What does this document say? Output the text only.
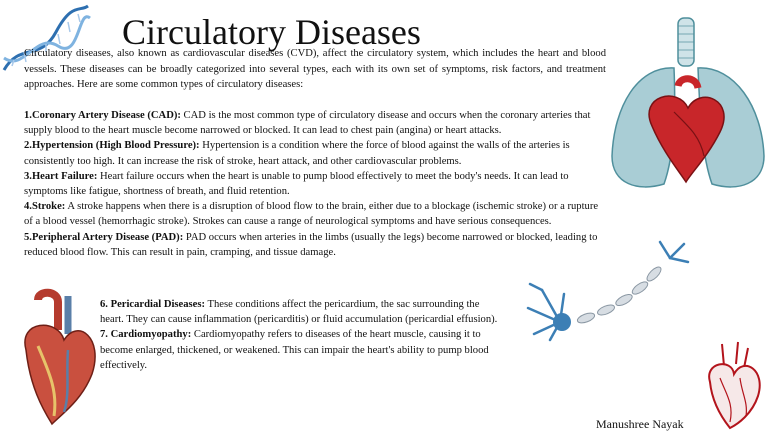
Circulatory Diseases

Circulatory diseases, also known as cardiovascular diseases (CVD), affect the circulatory system, which includes the heart and blood vessels. These diseases can be broadly categorized into several types, each with its own set of symptoms, risk factors, and treatment approaches. Here are some common types of circulatory diseases:

1.Coronary Artery Disease (CAD): CAD is the most common type of circulatory disease and occurs when the coronary arteries that supply blood to the heart muscle become narrowed or blocked. It can lead to chest pain (angina) or heart attacks.

2.Hypertension (High Blood Pressure): Hypertension is a condition where the force of blood against the walls of the arteries is consistently too high. It can increase the risk of stroke, heart attack, and other cardiovascular problems.

3.Heart Failure: Heart failure occurs when the heart is unable to pump blood effectively to meet the body's needs. It can lead to symptoms like fatigue, shortness of breath, and fluid retention.

4.Stroke: A stroke happens when there is a disruption of blood flow to the brain, either due to a blockage (ischemic stroke) or a rupture of a blood vessel (hemorrhagic stroke). Strokes can cause a range of neurological symptoms and have serious consequences.

5.Peripheral Artery Disease (PAD): PAD occurs when arteries in the limbs (usually the legs) become narrowed or blocked, leading to reduced blood flow. This can result in pain, cramping, and tissue damage.

6. Pericardial Diseases: These conditions affect the pericardium, the sac surrounding the heart. They can cause inflammation (pericarditis) or fluid accumulation (pericardial effusion).

7. Cardiomyopathy: Cardiomyopathy refers to diseases of the heart muscle, causing it to become enlarged, thickened, or weakened. This can impair the heart's ability to pump blood effectively.

Manushree Nayak
